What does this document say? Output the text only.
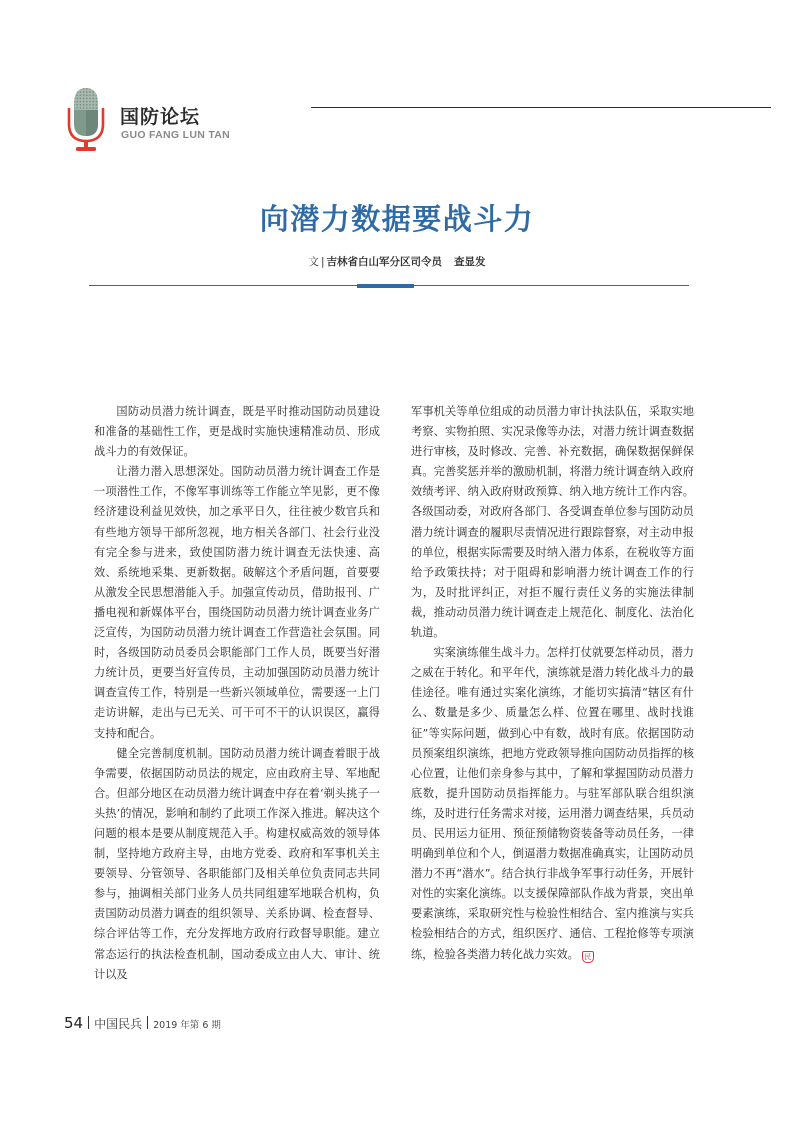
国防论坛
GUO FANG LUN TAN
向潜力数据要战斗力
文 | 吉林省白山军分区司令员 查显发

国防动员潜力统计调查，既是平时推动国防动员建设和准备的基础性工作，更是战时实施快速精准动员、形成战斗力的有效保证。

让潜力潜入思想深处。国防动员潜力统计调查工作是一项潜性工作，不像军事训练等工作能立竿见影，更不像经济建设利益见效快，加之承平日久，往往被少数官兵和有些地方领导干部所忽视，地方相关各部门、社会行业没有完全参与进来，致使国防潜力统计调查无法快速、高效、系统地采集、更新数据。破解这个矛盾问题，首要要从激发全民思想潜能入手。加强宣传动员，借助报刊、广播电视和新媒体平台，围绕国防动员潜力统计调查业务广泛宣传，为国防动员潜力统计调查工作营造社会氛围。同时，各级国防动员委员会职能部门工作人员，既要当好潜力统计员，更要当好宣传员，主动加强国防动员潜力统计调查宣传工作，特别是一些新兴领域单位，需要逐一上门走访讲解，走出与已无关、可干可不干的认识误区，赢得支持和配合。

健全完善制度机制。国防动员潜力统计调查着眼于战争需要，依据国防动员法的规定，应由政府主导、军地配合。但部分地区在动员潜力统计调查中存在着‘剃头挑子一头热’的情况，影响和制约了此项工作深入推进。解决这个问题的根本是要从制度规范入手。构建权威高效的领导体制，坚持地方政府主导，由地方党委、政府和军事机关主要领导、分管领导、各职能部门及相关单位负责同志共同参与，抽调相关部门业务人员共同组建军地联合机构，负责国防动员潜力调查的组织领导、关系协调、检查督导、综合评估等工作，充分发挥地方政府行政督导职能。建立常态运行的执法检查机制，国动委成立由人大、审计、统计以及

军事机关等单位组成的动员潜力审计执法队伍，采取实地考察、实物拍照、实况录像等办法，对潜力统计调查数据进行审核，及时修改、完善、补充数据，确保数据保鲜保真。完善奖惩并举的激励机制，将潜力统计调查纳入政府效绩考评、纳入政府财政预算、纳入地方统计工作内容。各级国动委，对政府各部门、各受调查单位参与国防动员潜力统计调查的履职尽责情况进行跟踪督察，对主动申报的单位，根据实际需要及时纳入潜力体系，在税收等方面给予政策扶持；对于阻碍和影响潜力统计调查工作的行为，及时批评纠正，对拒不履行责任义务的实施法律制裁，推动动员潜力统计调查走上规范化、制度化、法治化轨道。

实案演练催生战斗力。怎样打仗就要怎样动员，潜力之威在于转化。和平年代，演练就是潜力转化战斗力的最佳途径。唯有通过实案化演练，才能切实搞清“辖区有什么、数量是多少、质量怎么样、位置在哪里、战时找谁征”等实际问题，做到心中有数，战时有底。依据国防动员预案组织演练，把地方党政领导推向国防动员指挥的核心位置，让他们亲身参与其中，了解和掌握国防动员潜力底数，提升国防动员指挥能力。与驻军部队联合组织演练，及时进行任务需求对接，运用潜力调查结果，兵员动员、民用运力征用、预征预储物资装备等动员任务，一律明确到单位和个人，倒逼潜力数据准确真实，让国防动员潜力不再“潜水”。结合执行非战争军事行动任务，开展针对性的实案化演练。以支援保障部队作战为背景，突出单要素演练，采取研究性与检验性相结合、室内推演与实兵检验相结合的方式，组织医疗、通信、工程抢修等专项演练，检验各类潜力转化战力实效。 民

54 中国民兵 2019 年第 6 期
